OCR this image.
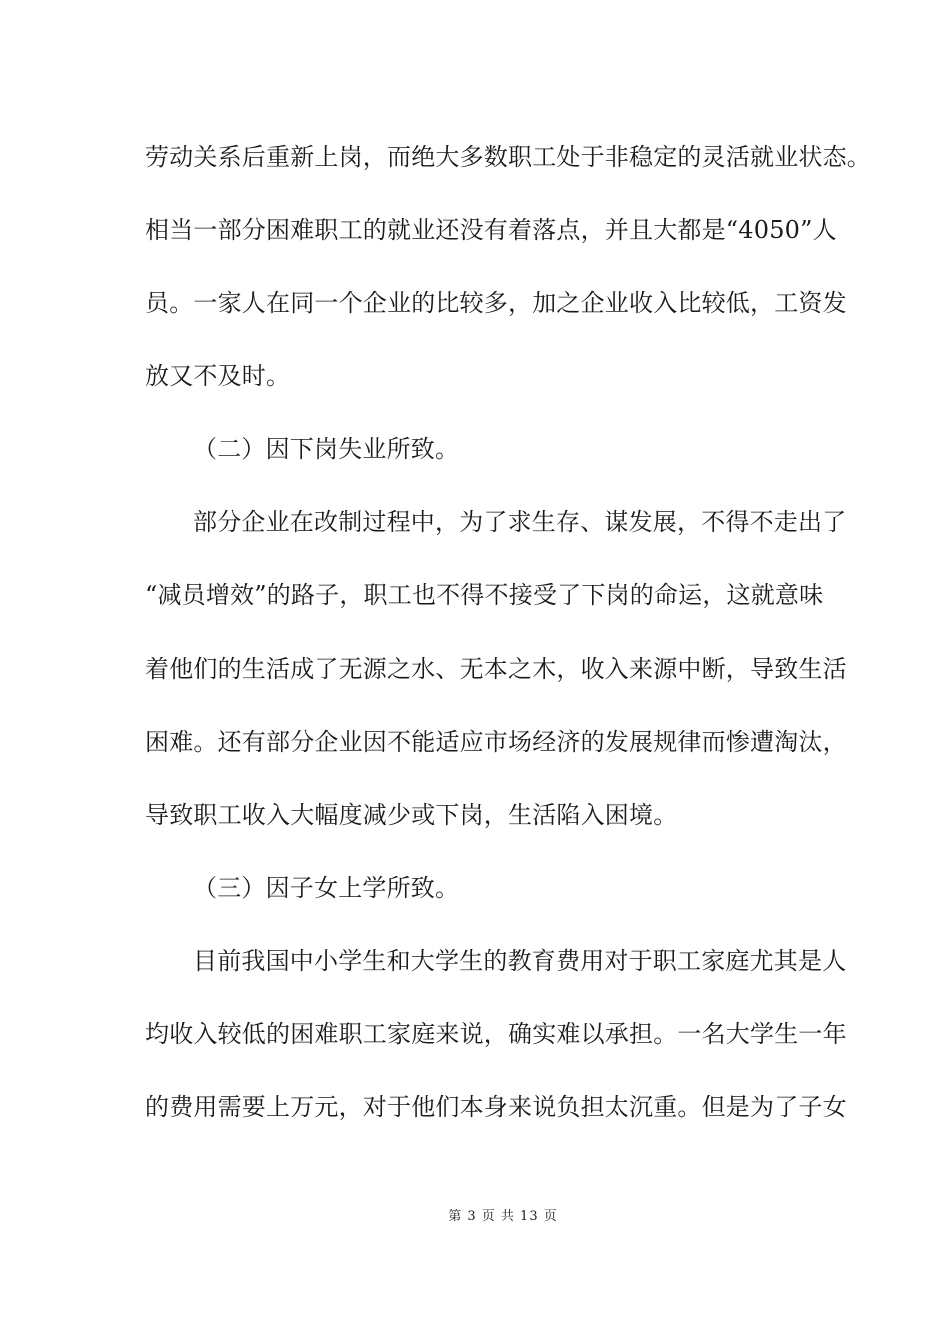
劳动关系后重新上岗，而绝大多数职工处于非稳定的灵活就业状态。
相当一部分困难职工的就业还没有着落点，并且大都是“4050”人
员。一家人在同一个企业的比较多，加之企业收入比较低，工资发
放又不及时。
（二）因下岗失业所致。
部分企业在改制过程中，为了求生存、谋发展，不得不走出了
“减员增效”的路子，职工也不得不接受了下岗的命运，这就意味
着他们的生活成了无源之水、无本之木，收入来源中断，导致生活
困难。还有部分企业因不能适应市场经济的发展规律而惨遭淘汰，
导致职工收入大幅度减少或下岗，生活陷入困境。
（三）因子女上学所致。
目前我国中小学生和大学生的教育费用对于职工家庭尤其是人
均收入较低的困难职工家庭来说，确实难以承担。一名大学生一年
的费用需要上万元，对于他们本身来说负担太沉重。但是为了子女
第 3 页 共 13 页
